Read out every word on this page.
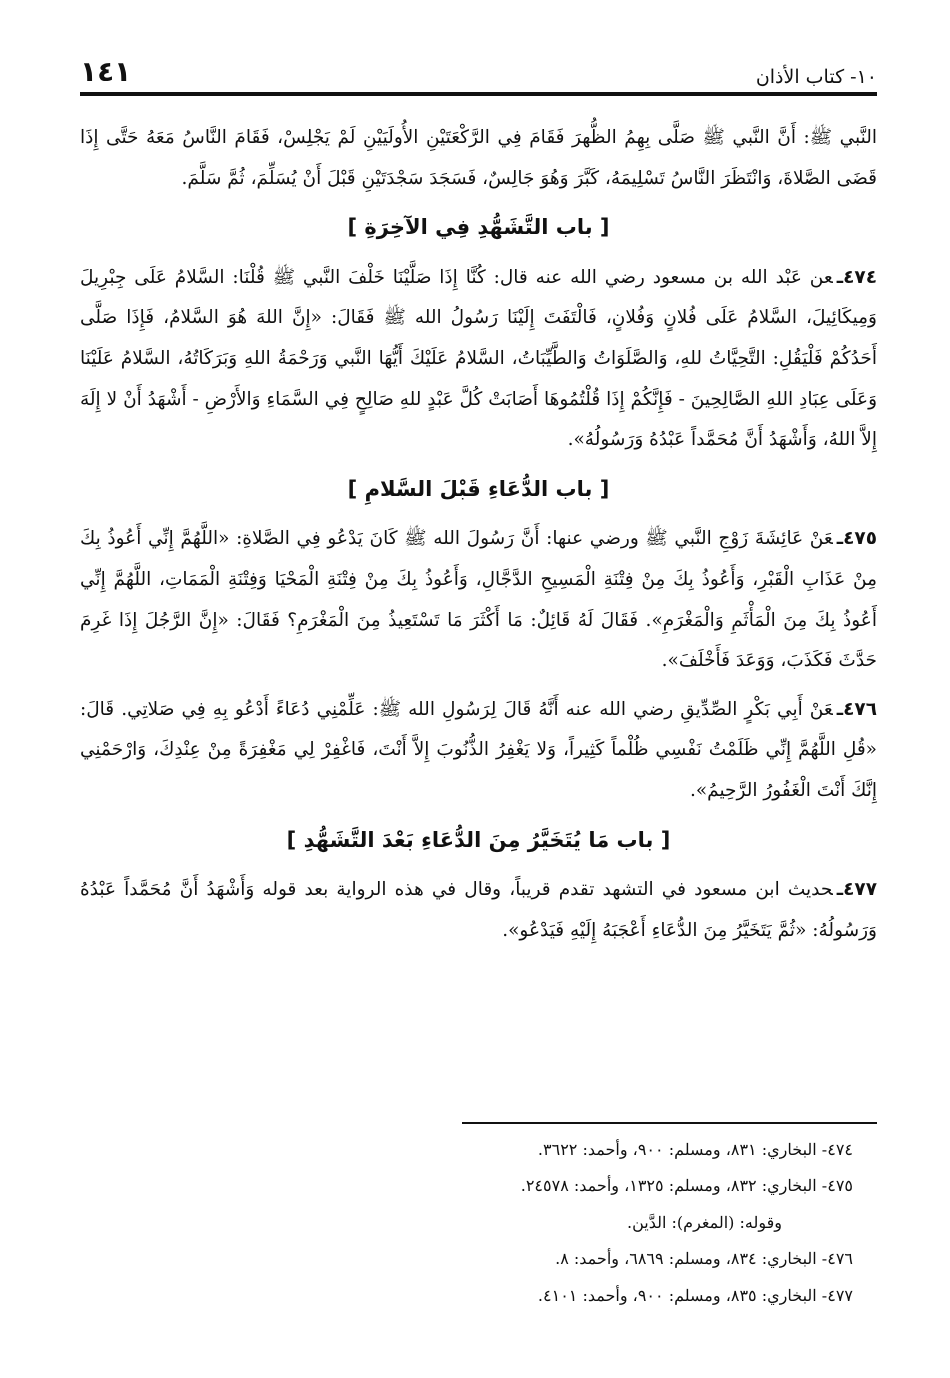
١٠- كتاب الأذان
١٤١

النَّبي ﷺ: أَنَّ النَّبي ﷺ صَلَّى بِهِمُ الظُّهرَ فَقَامَ فِي الرَّكْعَتَيْنِ الأُولَيَيْنِ لَمْ يَجْلِسْ، فَقَامَ النَّاسُ مَعَهُ حَتَّى إِذَا قَضَى الصَّلاةَ، وَانْتَظَرَ النَّاسُ تَسْلِيمَهُ، كَبَّرَ وَهُوَ جَالِسٌ، فَسَجَدَ سَجْدَتَيْنِ قَبْلَ أَنْ يُسَلِّمَ، ثُمَّ سَلَّمَ.

[ باب التَّشَهُّدِ فِي الآخِرَةِ ]

٤٧٤ـعن عَبْد الله بن مسعود رضي الله عنه قال: كُنَّا إِذَا صَلَّيْنَا خَلْفَ النَّبي ﷺ قُلْنَا: السَّلامُ عَلَى جِبْرِيلَ وَمِيكَائِيلَ، السَّلامُ عَلَى فُلانٍ وَفُلانٍ، فَالْتَفَتَ إِلَيْنَا رَسُولُ الله ﷺ فَقَالَ: «إِنَّ اللهَ هُوَ السَّلامُ، فَإِذَا صَلَّى أَحَدُكُمْ فَلْيَقُلِ: التَّحِيَّاتُ للهِ، وَالصَّلَوَاتُ وَالطَّيِّبَاتُ، السَّلامُ عَلَيْكَ أَيُّهَا النَّبي وَرَحْمَةُ اللهِ وَبَرَكَاتُهُ، السَّلامُ عَلَيْنَا وَعَلَى عِبَادِ اللهِ الصَّالِحِينَ - فَإِنَّكُمْ إِذَا قُلْتُمُوهَا أَصَابَتْ كُلَّ عَبْدٍ للهِ صَالِحٍ فِي السَّمَاءِ وَالأَرْضِ - أَشْهَدُ أَنْ لا إِلَهَ إِلاَّ اللهُ، وَأَشْهَدُ أَنَّ مُحَمَّداً عَبْدُهُ وَرَسُولُهُ».

[ باب الدُّعَاءِ قَبْلَ السَّلامِ ]

٤٧٥ـعَنْ عَائِشَةَ زَوْجِ النَّبي ﷺ ورضي عنها: أَنَّ رَسُولَ الله ﷺ كَانَ يَدْعُو فِي الصَّلاةِ: «اللَّهُمَّ إِنِّي أَعُوذُ بِكَ مِنْ عَذَابِ الْقَبْرِ، وَأَعُوذُ بِكَ مِنْ فِتْنَةِ الْمَسِيحِ الدَّجَّالِ، وَأَعُوذُ بِكَ مِنْ فِتْنَةِ الْمَحْيَا وَفِتْنَةِ الْمَمَاتِ، اللَّهُمَّ إِنِّي أَعُوذُ بِكَ مِنَ الْمَأْثَمِ وَالْمَغْرَمِ». فَقَالَ لَهُ قَائِلٌ: مَا أَكْثَرَ مَا تَسْتَعِيذُ مِنَ الْمَغْرَمِ؟ فَقَالَ: «إِنَّ الرَّجُلَ إِذَا غَرِمَ حَدَّثَ فَكَذَبَ، وَوَعَدَ فَأَخْلَفَ».

٤٧٦ـعَنْ أَبِي بَكْرٍ الصِّدِّيقِ رضي الله عنه أَنَّهُ قَالَ لِرَسُولِ الله ﷺ: عَلِّمْنِي دُعَاءً أَدْعُو بِهِ فِي صَلاتِي. قَالَ: «قُلِ اللَّهُمَّ إِنِّي ظَلَمْتُ نَفْسِي ظُلْماً كَثِيراً، وَلا يَغْفِرُ الذُّنُوبَ إِلاَّ أَنْتَ، فَاغْفِرْ لِي مَغْفِرَةً مِنْ عِنْدِكَ، وَارْحَمْنِي إِنَّكَ أَنْتَ الْغَفُورُ الرَّحِيمُ».

[ باب مَا يُتَخَيَّرُ مِنَ الدُّعَاءِ بَعْدَ التَّشَهُّدِ ]

٤٧٧ـحديث ابن مسعود في التشهد تقدم قريباً، وقال في هذه الرواية بعد قوله وَأَشْهَدُ أَنَّ مُحَمَّداً عَبْدُهُ وَرَسُولُهُ: «ثُمَّ يَتَخَيَّرُ مِنَ الدُّعَاءِ أَعْجَبَهُ إِلَيْهِ فَيَدْعُو».

٤٧٤- البخاري: ٨٣١، ومسلم: ٩٠٠، وأحمد: ٣٦٢٢.
٤٧٥- البخاري: ٨٣٢، ومسلم: ١٣٢٥، وأحمد: ٢٤٥٧٨.
وقوله: (المغرم): الدَّين.
٤٧٦- البخاري: ٨٣٤، ومسلم: ٦٨٦٩، وأحمد: ٨.
٤٧٧- البخاري: ٨٣٥، ومسلم: ٩٠٠، وأحمد: ٤١٠١.
